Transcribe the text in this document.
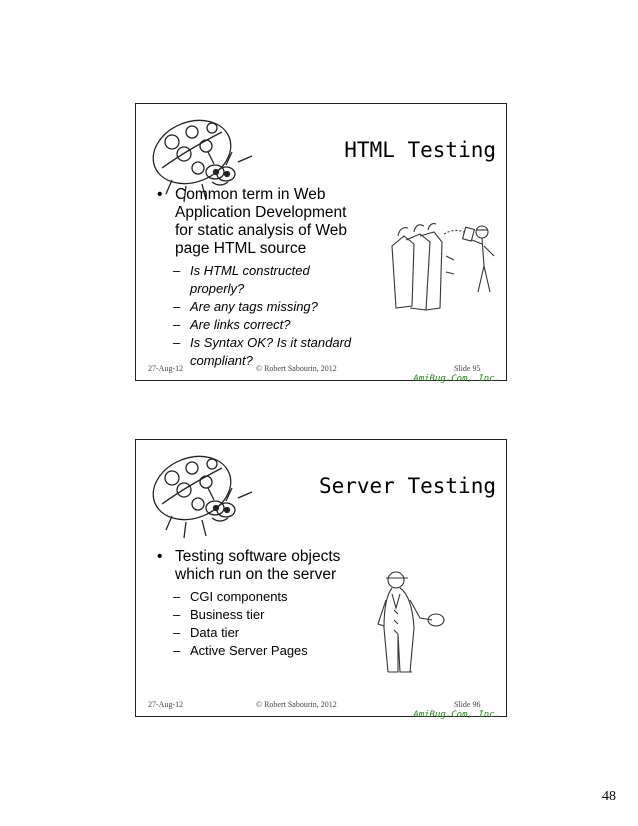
HTML Testing
• Common term in Web Application Development for static analysis of Web page HTML source
– Is HTML constructed properly?
– Are any tags missing?
– Are links correct?
– Is Syntax OK? Is it standard compliant?
27-Aug-12	© Robert Sabourin, 2012	Slide 95
AmiBug.Com, Inc.
Server Testing
• Testing software objects which run on the server
– CGI components
– Business tier
– Data tier
– Active Server Pages
27-Aug-12	© Robert Sabourin, 2012	Slide 96
AmiBug.Com, Inc.
48
